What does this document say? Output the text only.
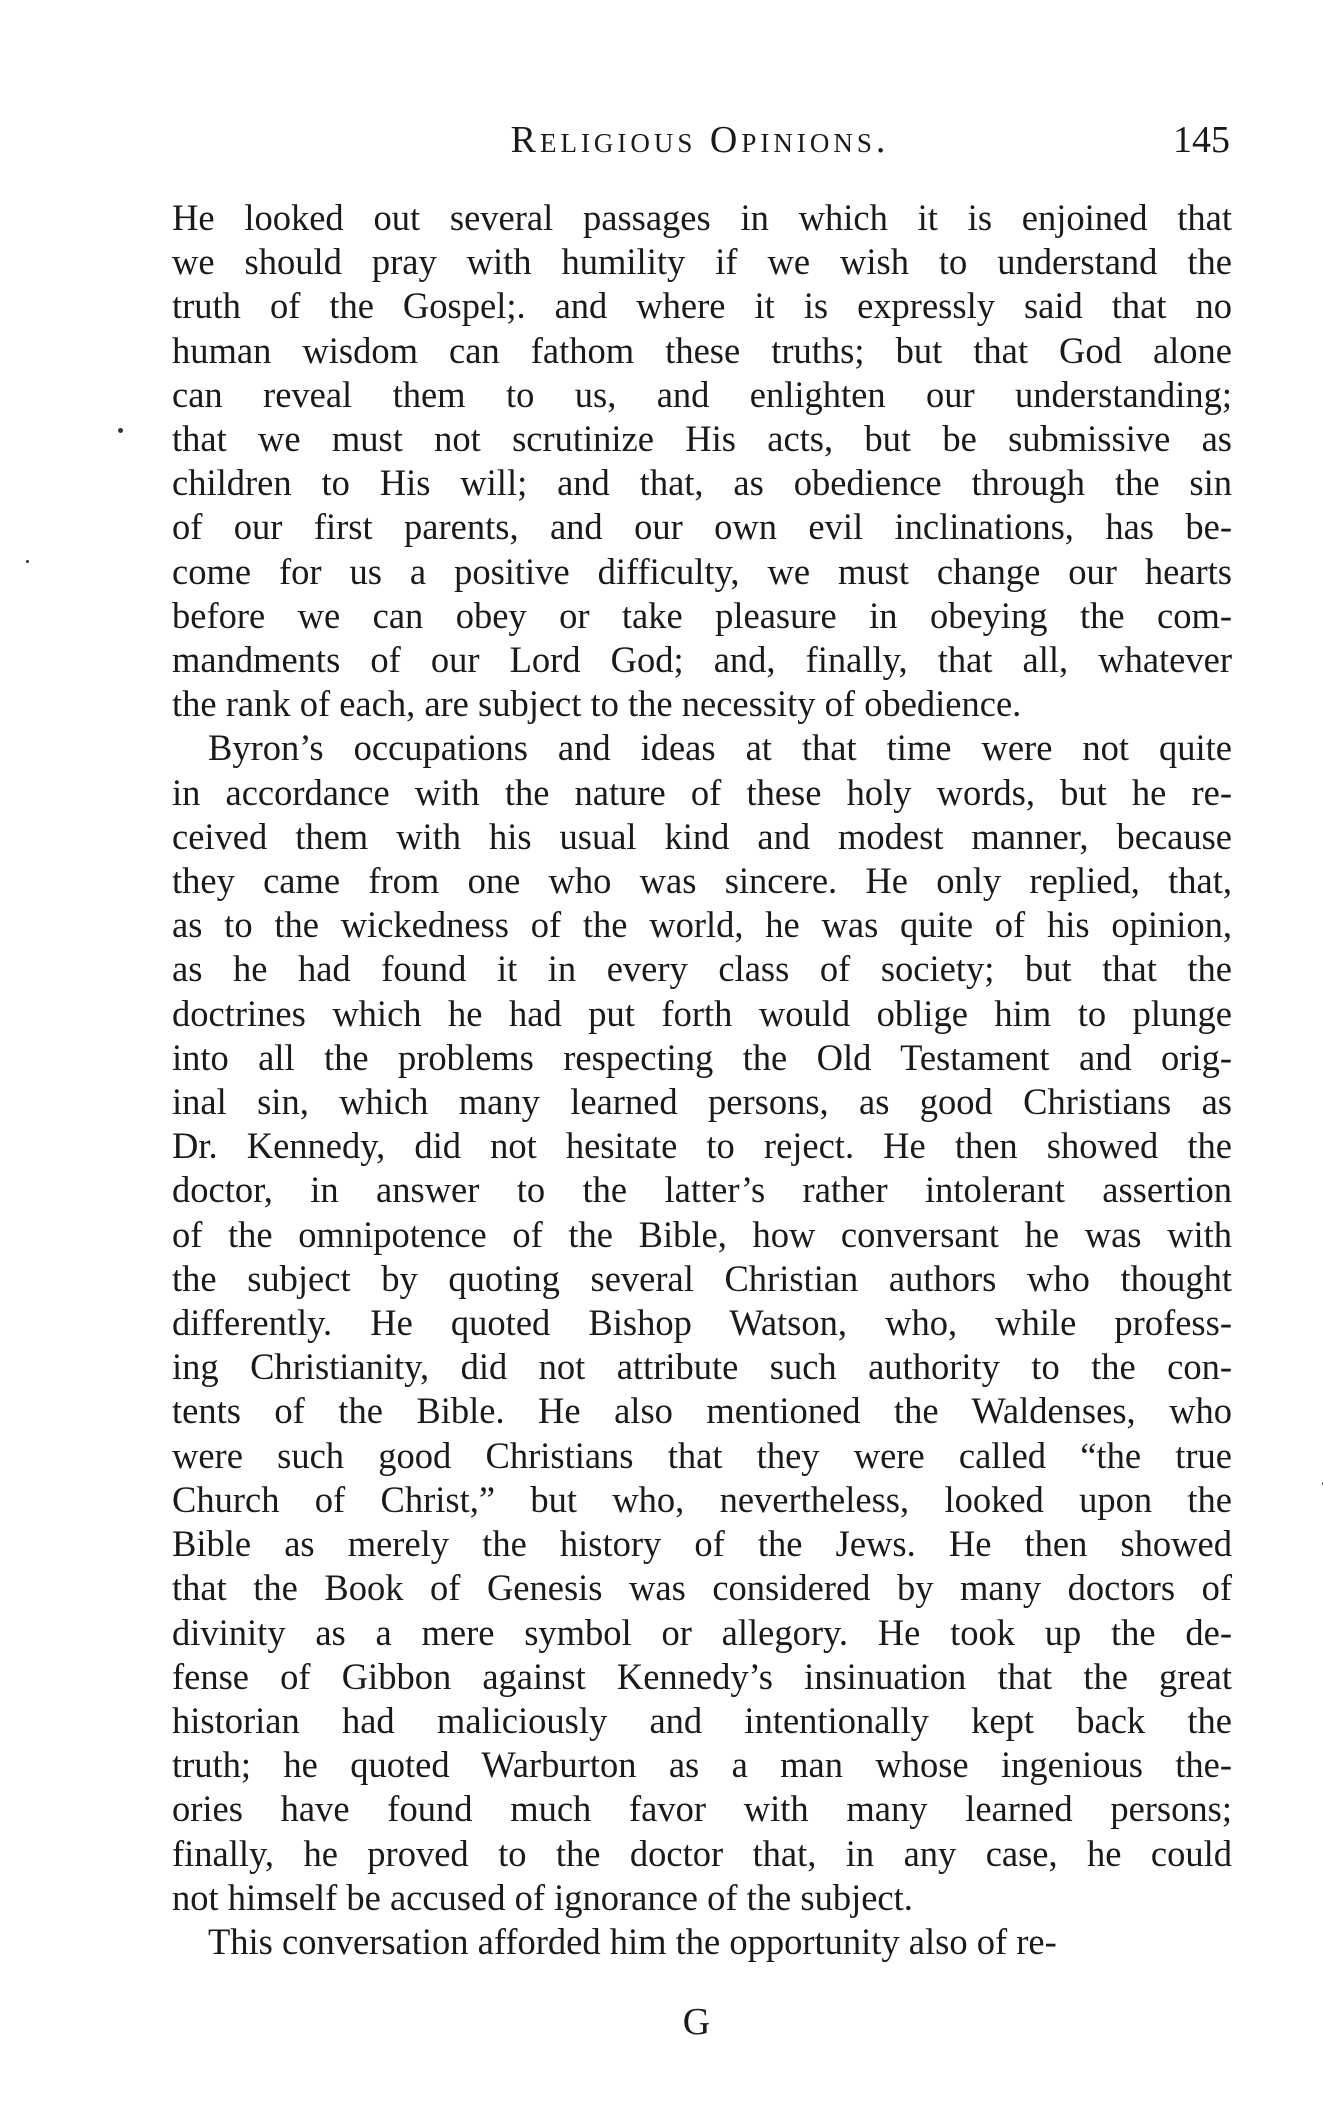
Religious Opinions.	145
He looked out several passages in which it is enjoined that
we should pray with humility if we wish to understand the
truth of the Gospel;. and where it is expressly said that no
human wisdom can fathom these truths; but that God alone
can reveal them to us, and enlighten our understanding;
that we must not scrutinize His acts, but be submissive as
children to His will; and that, as obedience through the sin
of our first parents, and our own evil inclinations, has be-
come for us a positive difficulty, we must change our hearts
before we can obey or take pleasure in obeying the com-
mandments of our Lord God; and, finally, that all, whatever
the rank of each, are subject to the necessity of obedience.
Byron’s occupations and ideas at that time were not quite
in accordance with the nature of these holy words, but he re-
ceived them with his usual kind and modest manner, because
they came from one who was sincere. He only replied, that,
as to the wickedness of the world, he was quite of his opinion,
as he had found it in every class of society; but that the
doctrines which he had put forth would oblige him to plunge
into all the problems respecting the Old Testament and orig-
inal sin, which many learned persons, as good Christians as
Dr. Kennedy, did not hesitate to reject. He then showed the
doctor, in answer to the latter’s rather intolerant assertion
of the omnipotence of the Bible, how conversant he was with
the subject by quoting several Christian authors who thought
differently. He quoted Bishop Watson, who, while profess-
ing Christianity, did not attribute such authority to the con-
tents of the Bible. He also mentioned the Waldenses, who
were such good Christians that they were called “the true
Church of Christ,” but who, nevertheless, looked upon the
Bible as merely the history of the Jews. He then showed
that the Book of Genesis was considered by many doctors of
divinity as a mere symbol or allegory. He took up the de-
fense of Gibbon against Kennedy’s insinuation that the great
historian had maliciously and intentionally kept back the
truth; he quoted Warburton as a man whose ingenious the-
ories have found much favor with many learned persons;
finally, he proved to the doctor that, in any case, he could
not himself be accused of ignorance of the subject.
This conversation afforded him the opportunity also of re-
G
